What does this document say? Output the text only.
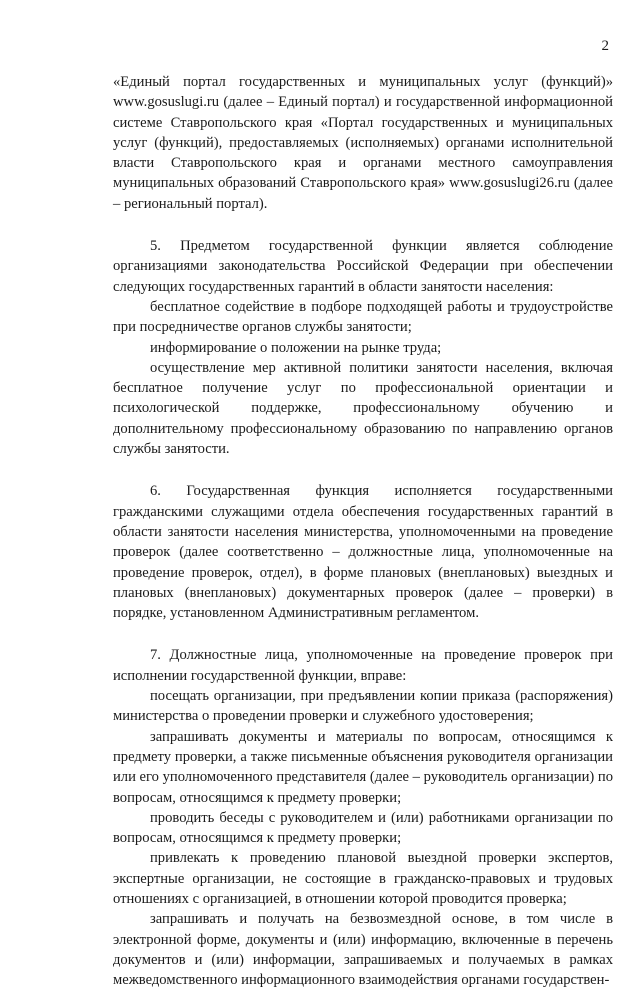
2

«Единый портал государственных и муниципальных услуг (функций)» www.gosuslugi.ru (далее – Единый портал) и государственной информационной системе Ставропольского края «Портал государственных и муниципальных услуг (функций), предоставляемых (исполняемых) органами исполнительной власти Ставропольского края и органами местного самоуправления муниципальных образований Ставропольского края» www.gosuslugi26.ru (далее – региональный портал).

5. Предметом государственной функции является соблюдение организациями законодательства Российской Федерации при обеспечении следующих государственных гарантий в области занятости населения:

бесплатное содействие в подборе подходящей работы и трудоустройстве при посредничестве органов службы занятости;

информирование о положении на рынке труда;

осуществление мер активной политики занятости населения, включая бесплатное получение услуг по профессиональной ориентации и психологической поддержке, профессиональному обучению и дополнительному профессиональному образованию по направлению органов службы занятости.

6. Государственная функция исполняется государственными гражданскими служащими отдела обеспечения государственных гарантий в области занятости населения министерства, уполномоченными на проведение проверок (далее соответственно – должностные лица, уполномоченные на проведение проверок, отдел), в форме плановых (внеплановых) выездных и плановых (внеплановых) документарных проверок (далее – проверки) в порядке, установленном Административным регламентом.

7. Должностные лица, уполномоченные на проведение проверок при исполнении государственной функции, вправе:

посещать организации, при предъявлении копии приказа (распоряжения) министерства о проведении проверки и служебного удостоверения;

запрашивать документы и материалы по вопросам, относящимся к предмету проверки, а также письменные объяснения руководителя организации или его уполномоченного представителя (далее – руководитель организации) по вопросам, относящимся к предмету проверки;

проводить беседы с руководителем и (или) работниками организации по вопросам, относящимся к предмету проверки;

привлекать к проведению плановой выездной проверки экспертов, экспертные организации, не состоящие в гражданско-правовых и трудовых отношениях с организацией, в отношении которой проводится проверка;

запрашивать и получать на безвозмездной основе, в том числе в электронной форме, документы и (или) информацию, включенные в перечень документов и (или) информации, запрашиваемых и получаемых в рамках межведомственного информационного взаимодействия органами государствен-
